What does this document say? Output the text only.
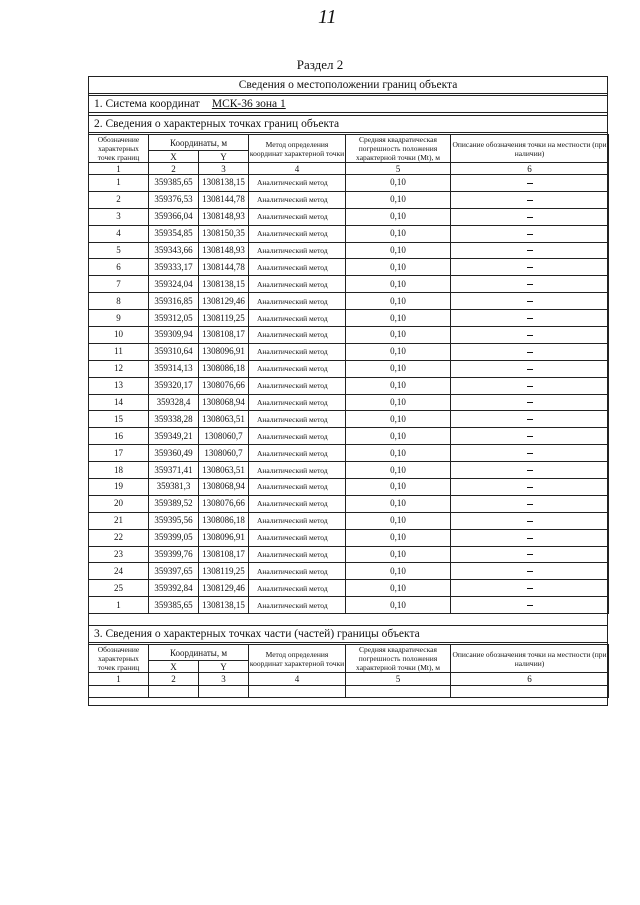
11
Раздел 2
Сведения о местоположении границ объекта
1. Система координат МСК-36 зона 1
2. Сведения о характерных точках границ объекта
Обозначение характерных точек границ	Координаты, м		Метод определения координат характерной точки	Средняя квадратическая погрешность положения характерной точки (Mt), м	Описание обозначения точки на местности (при наличии)
	X	Y			
1	2	3	4	5	6
1	359385,65	1308138,15	Аналитический метод	0,10	
2	359376,53	1308144,78	Аналитический метод	0,10	
3	359366,04	1308148,93	Аналитический метод	0,10	
4	359354,85	1308150,35	Аналитический метод	0,10	
5	359343,66	1308148,93	Аналитический метод	0,10	
6	359333,17	1308144,78	Аналитический метод	0,10	
7	359324,04	1308138,15	Аналитический метод	0,10	
8	359316,85	1308129,46	Аналитический метод	0,10	
9	359312,05	1308119,25	Аналитический метод	0,10	
10	359309,94	1308108,17	Аналитический метод	0,10	
11	359310,64	1308096,91	Аналитический метод	0,10	
12	359314,13	1308086,18	Аналитический метод	0,10	
13	359320,17	1308076,66	Аналитический метод	0,10	
14	359328,4	1308068,94	Аналитический метод	0,10	
15	359338,28	1308063,51	Аналитический метод	0,10	
16	359349,21	1308060,7	Аналитический метод	0,10	
17	359360,49	1308060,7	Аналитический метод	0,10	
18	359371,41	1308063,51	Аналитический метод	0,10	
19	359381,3	1308068,94	Аналитический метод	0,10	
20	359389,52	1308076,66	Аналитический метод	0,10	
21	359395,56	1308086,18	Аналитический метод	0,10	
22	359399,05	1308096,91	Аналитический метод	0,10	
23	359399,76	1308108,17	Аналитический метод	0,10	
24	359397,65	1308119,25	Аналитический метод	0,10	
25	359392,84	1308129,46	Аналитический метод	0,10	
1	359385,65	1308138,15	Аналитический метод	0,10	
3. Сведения о характерных точках части (частей) границы объекта
Обозначение характерных точек границ	Координаты, м		Метод определения координат характерной точки	Средняя квадратическая погрешность положения характерной точки (Mt), м	Описание обозначения точки на местности (при наличии)
	X	Y			
1	2	3	4	5	6
